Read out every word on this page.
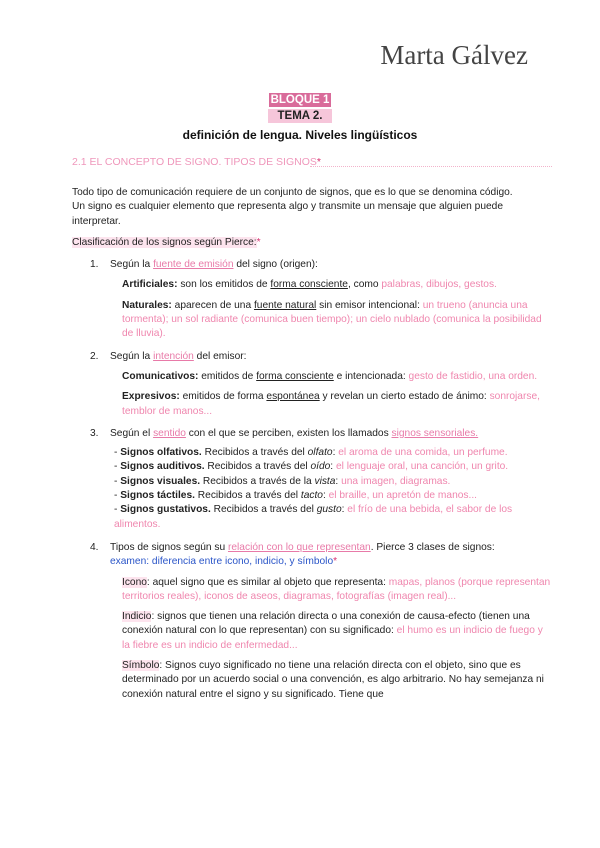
Marta Gálvez
BLOQUE 1
TEMA 2.
definición de lengua. Niveles lingüísticos
2.1 EL CONCEPTO DE SIGNO. TIPOS DE SIGNOS*

Todo tipo de comunicación requiere de un conjunto de signos, que es lo que se denomina código.

Un signo es cualquier elemento que representa algo y transmite un mensaje que alguien puede interpretar.

Clasificación de los signos según Pierce:*

1. Según la fuente de emisión del signo (origen):

Artificiales: son los emitidos de forma consciente, como palabras, dibujos, gestos.

Naturales: aparecen de una fuente natural sin emisor intencional: un trueno (anuncia una tormenta); un sol radiante (comunica buen tiempo); un cielo nublado (comunica la posibilidad de lluvia).

2. Según la intención del emisor:

Comunicativos: emitidos de forma consciente e intencionada: gesto de fastidio, una orden.

Expresivos: emitidos de forma espontánea y revelan un cierto estado de ánimo: sonrojarse, temblor de manos...

3. Según el sentido con el que se perciben, existen los llamados signos sensoriales.

- Signos olfativos. Recibidos a través del olfato: el aroma de una comida, un perfume.

- Signos auditivos. Recibidos a través del oído: el lenguaje oral, una canción, un grito.

- Signos visuales. Recibidos a través de la vista: una imagen, diagramas.

- Signos táctiles. Recibidos a través del tacto: el braille, un apretón de manos...

- Signos gustativos. Recibidos a través del gusto: el frío de una bebida, el sabor de los alimentos.

4. Tipos de signos según su relación con lo que representan. Pierce 3 clases de signos:
examen: diferencia entre icono, indicio, y símbolo*

Icono: aquel signo que es similar al objeto que representa: mapas, planos (porque representan territorios reales), iconos de aseos, diagramas, fotografías (imagen real)...

Indicio: signos que tienen una relación directa o una conexión de causa-efecto (tienen una conexión natural con lo que representan) con su significado: el humo es un indicio de fuego y la fiebre es un indicio de enfermedad...

Símbolo: Signos cuyo significado no tiene una relación directa con el objeto, sino que es determinado por un acuerdo social o una convención, es algo arbitrario. No hay semejanza ni conexión natural entre el signo y su significado. Tiene que
